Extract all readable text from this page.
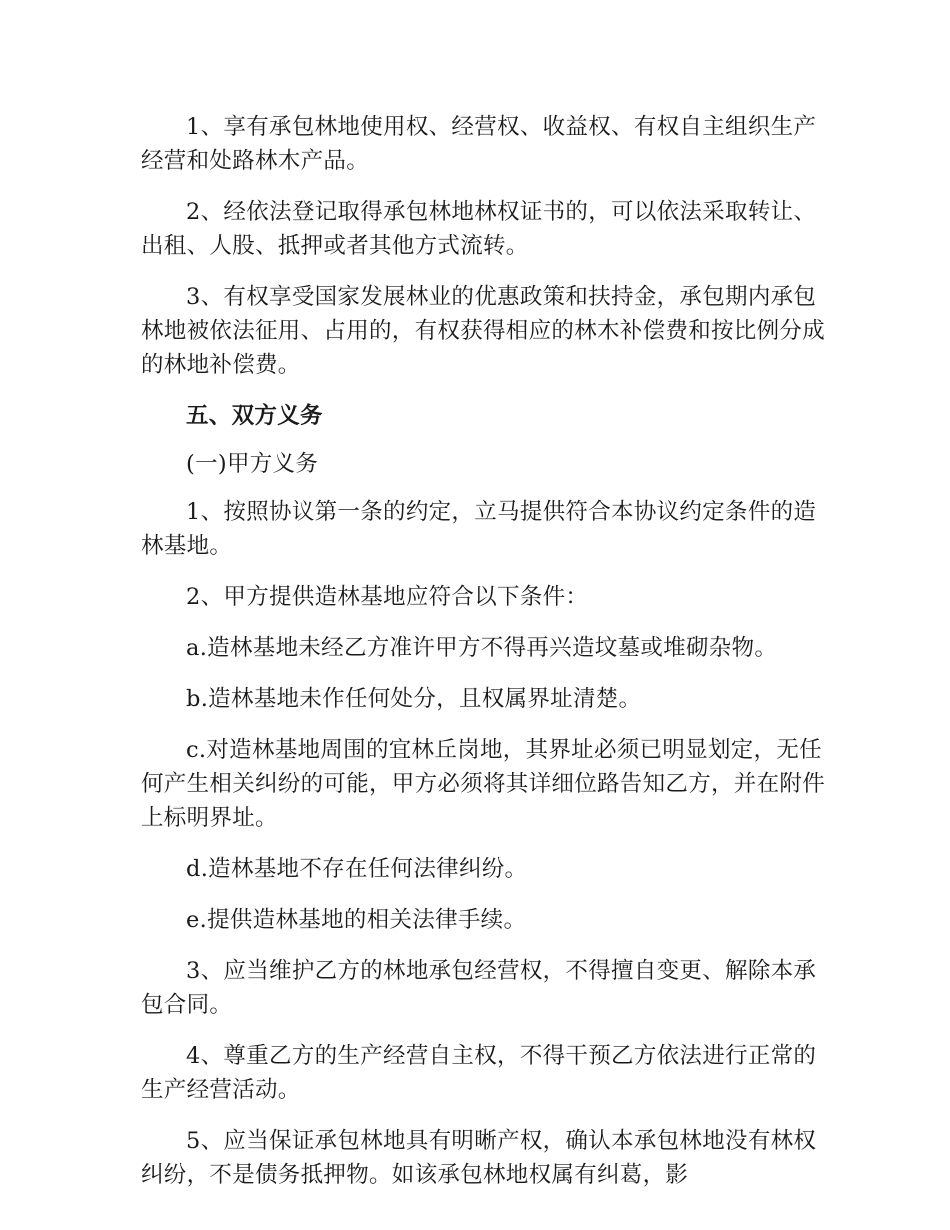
1、享有承包林地使用权、经营权、收益权、有权自主组织生产经营和处路林木产品。

2、经依法登记取得承包林地林权证书的，可以依法采取转让、出租、人股、抵押或者其他方式流转。

3、有权享受国家发展林业的优惠政策和扶持金，承包期内承包林地被依法征用、占用的，有权获得相应的林木补偿费和按比例分成的林地补偿费。

五、双方义务

(一)甲方义务

1、按照协议第一条的约定，立马提供符合本协议约定条件的造林基地。

2、甲方提供造林基地应符合以下条件：

a.造林基地未经乙方准许甲方不得再兴造坟墓或堆砌杂物。

b.造林基地未作任何处分，且权属界址清楚。

c.对造林基地周围的宜林丘岗地，其界址必须已明显划定，无任何产生相关纠纷的可能，甲方必须将其详细位路告知乙方，并在附件上标明界址。

d.造林基地不存在任何法律纠纷。

e.提供造林基地的相关法律手续。

3、应当维护乙方的林地承包经营权，不得擅自变更、解除本承包合同。

4、尊重乙方的生产经营自主权，不得干预乙方依法进行正常的生产经营活动。

5、应当保证承包林地具有明晰产权，确认本承包林地没有林权纠纷，不是债务抵押物。如该承包林地权属有纠葛，影
